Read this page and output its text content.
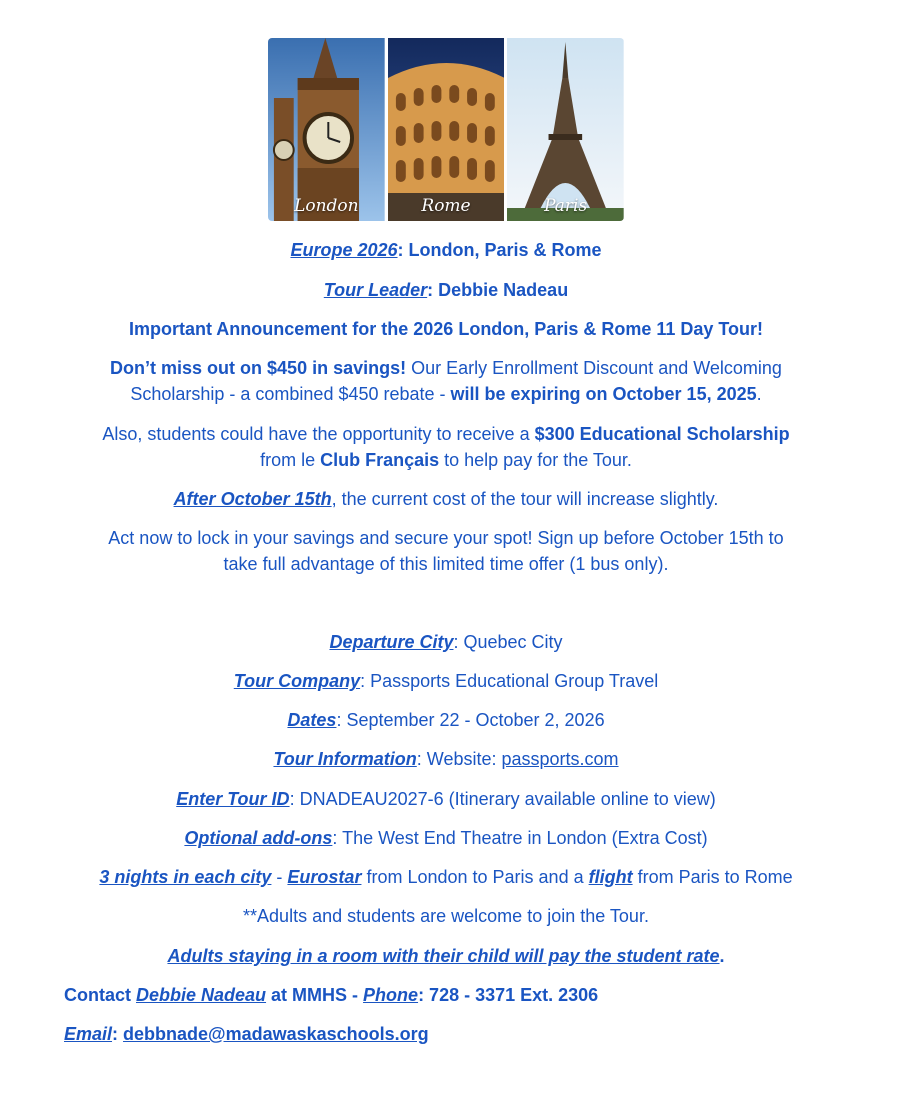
London	Rome	Paris
Europe 2026: London, Paris & Rome
Tour Leader: Debbie Nadeau
Important Announcement for the 2026 London, Paris & Rome 11 Day Tour!
Don’t miss out on $450 in savings! Our Early Enrollment Discount and Welcoming
Scholarship - a combined $450 rebate - will be expiring on October 15, 2025.
Also, students could have the opportunity to receive a $300 Educational Scholarship
from le Club Français to help pay for the Tour.
After October 15th, the current cost of the tour will increase slightly.
Act now to lock in your savings and secure your spot! Sign up before October 15th to
take full advantage of this limited time offer (1 bus only).
Departure City: Quebec City
Tour Company: Passports Educational Group Travel
Dates: September 22 - October 2, 2026
Tour Information: Website: passports.com
Enter Tour ID: DNADEAU2027-6 (Itinerary available online to view)
Optional add-ons: The West End Theatre in London (Extra Cost)
3 nights in each city - Eurostar from London to Paris and a flight from Paris to Rome
**Adults and students are welcome to join the Tour.
Adults staying in a room with their child will pay the student rate.
Contact Debbie Nadeau at MMHS - Phone: 728 - 3371 Ext. 2306
Email: debbnade@madawaskaschools.org
